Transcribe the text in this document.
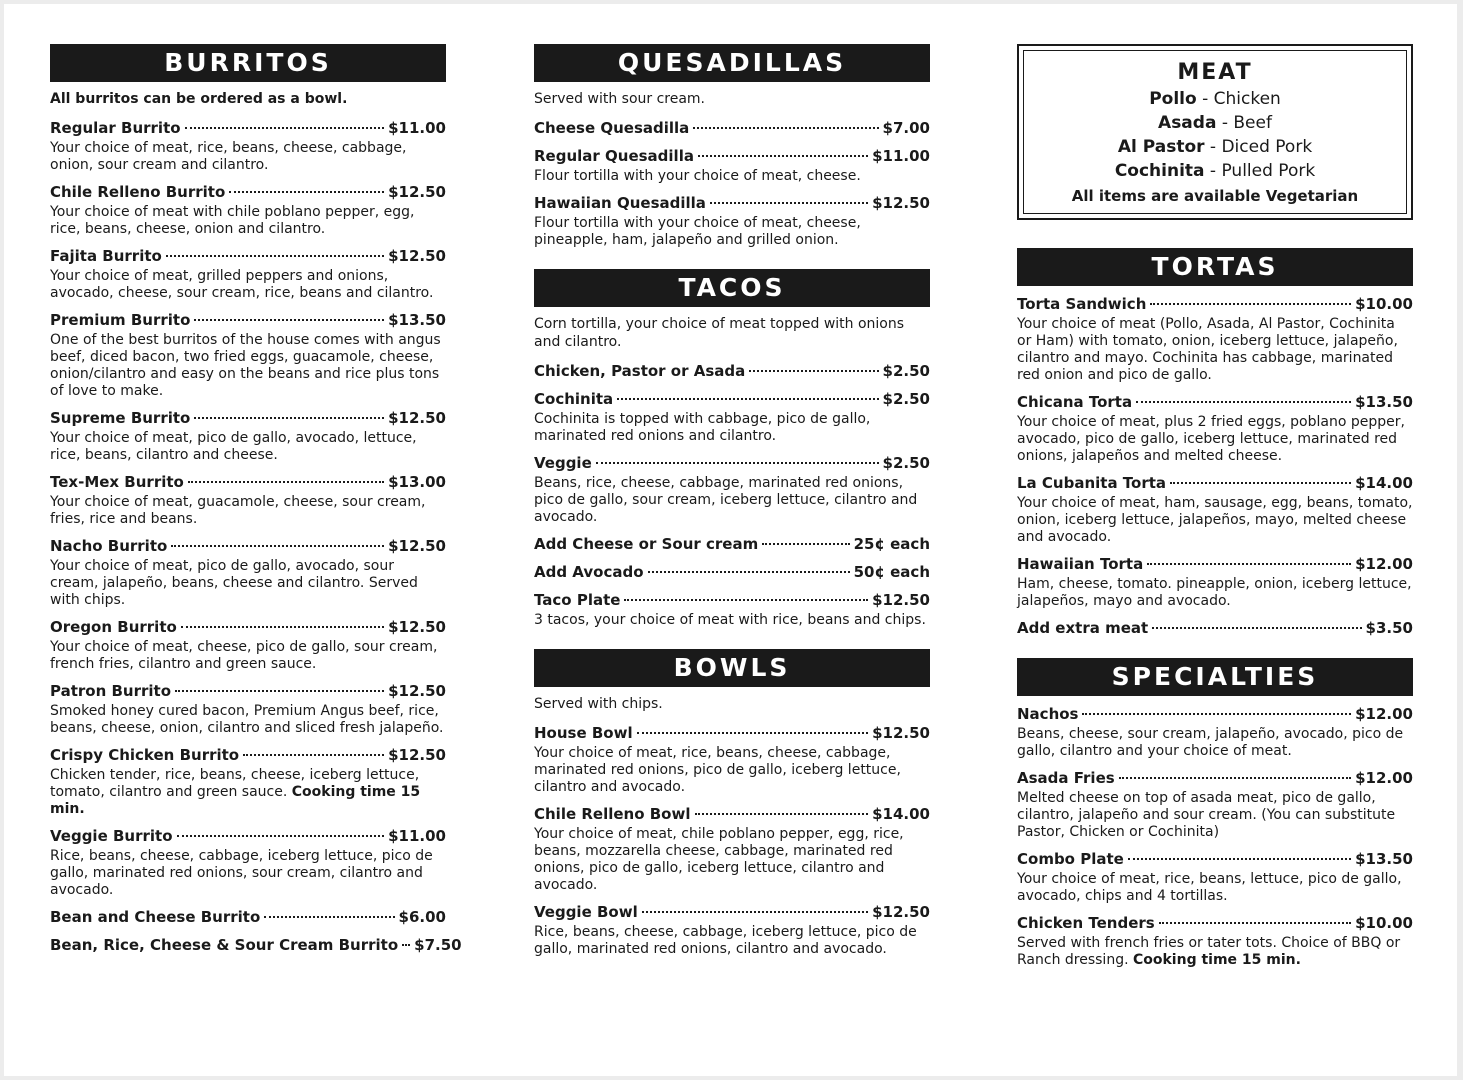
BURRITOS
All burritos can be ordered as a bowl.
Regular Burrito	$11.00
Your choice of meat, rice, beans, cheese, cabbage, onion, sour cream and cilantro.
Chile Relleno Burrito	$12.50
Your choice of meat with chile poblano pepper, egg, rice, beans, cheese, onion and cilantro.
Fajita Burrito	$12.50
Your choice of meat, grilled peppers and onions, avocado, cheese, sour cream, rice, beans and cilantro.
Premium Burrito	$13.50
One of the best burritos of the house comes with angus beef, diced bacon, two fried eggs, guacamole, cheese, onion/cilantro and easy on the beans and rice plus tons of love to make.
Supreme Burrito	$12.50
Your choice of meat, pico de gallo, avocado, lettuce, rice, beans, cilantro and cheese.
Tex-Mex Burrito	$13.00
Your choice of meat, guacamole, cheese, sour cream, fries, rice and beans.
Nacho Burrito	$12.50
Your choice of meat, pico de gallo, avocado, sour cream, jalapeño, beans, cheese and cilantro. Served with chips.
Oregon Burrito	$12.50
Your choice of meat, cheese, pico de gallo, sour cream, french fries, cilantro and green sauce.
Patron Burrito	$12.50
Smoked honey cured bacon, Premium Angus beef, rice, beans, cheese, onion, cilantro and sliced fresh jalapeño.
Crispy Chicken Burrito	$12.50
Chicken tender, rice, beans, cheese, iceberg lettuce, tomato, cilantro and green sauce. Cooking time 15 min.
Veggie Burrito	$11.00
Rice, beans, cheese, cabbage, iceberg lettuce, pico de gallo, marinated red onions, sour cream, cilantro and avocado.
Bean and Cheese Burrito	$6.00
Bean, Rice, Cheese & Sour Cream Burrito $7.50
QUESADILLAS
Served with sour cream.
Cheese Quesadilla	$7.00
Regular Quesadilla	$11.00
Flour tortilla with your choice of meat, cheese.
Hawaiian Quesadilla	$12.50
Flour tortilla with your choice of meat, cheese, pineapple, ham, jalapeño and grilled onion.
TACOS
Corn tortilla, your choice of meat topped with onions and cilantro.
Chicken, Pastor or Asada	$2.50
Cochinita	$2.50
Cochinita is topped with cabbage, pico de gallo, marinated red onions and cilantro.
Veggie	$2.50
Beans, rice, cheese, cabbage, marinated red onions, pico de gallo, sour cream, iceberg lettuce, cilantro and avocado.
Add Cheese or Sour cream	25¢ each
Add Avocado	50¢ each
Taco Plate	$12.50
3 tacos, your choice of meat with rice, beans and chips.
BOWLS
Served with chips.
House Bowl	$12.50
Your choice of meat, rice, beans, cheese, cabbage, marinated red onions, pico de gallo, iceberg lettuce, cilantro and avocado.
Chile Relleno Bowl	$14.00
Your choice of meat, chile poblano pepper, egg, rice, beans, mozzarella cheese, cabbage, marinated red onions, pico de gallo, iceberg lettuce, cilantro and avocado.
Veggie Bowl	$12.50
Rice, beans, cheese, cabbage, iceberg lettuce, pico de gallo, marinated red onions, cilantro and avocado.
MEAT
Pollo - Chicken
Asada - Beef
Al Pastor - Diced Pork
Cochinita - Pulled Pork
All items are available Vegetarian
TORTAS
Torta Sandwich	$10.00
Your choice of meat (Pollo, Asada, Al Pastor, Cochinita or Ham) with tomato, onion, iceberg lettuce, jalapeño, cilantro and mayo. Cochinita has cabbage, marinated red onion and pico de gallo.
Chicana Torta	$13.50
Your choice of meat, plus 2 fried eggs, poblano pepper, avocado, pico de gallo, iceberg lettuce, marinated red onions, jalapeños and melted cheese.
La Cubanita Torta	$14.00
Your choice of meat, ham, sausage, egg, beans, tomato, onion, iceberg lettuce, jalapeños, mayo, melted cheese and avocado.
Hawaiian Torta	$12.00
Ham, cheese, tomato. pineapple, onion, iceberg lettuce, jalapeños, mayo and avocado.
Add extra meat	$3.50
SPECIALTIES
Nachos	$12.00
Beans, cheese, sour cream, jalapeño, avocado, pico de gallo, cilantro and your choice of meat.
Asada Fries	$12.00
Melted cheese on top of asada meat, pico de gallo, cilantro, jalapeño and sour cream. (You can substitute Pastor, Chicken or Cochinita)
Combo Plate	$13.50
Your choice of meat, rice, beans, lettuce, pico de gallo, avocado, chips and 4 tortillas.
Chicken Tenders	$10.00
Served with french fries or tater tots. Choice of BBQ or Ranch dressing. Cooking time 15 min.
